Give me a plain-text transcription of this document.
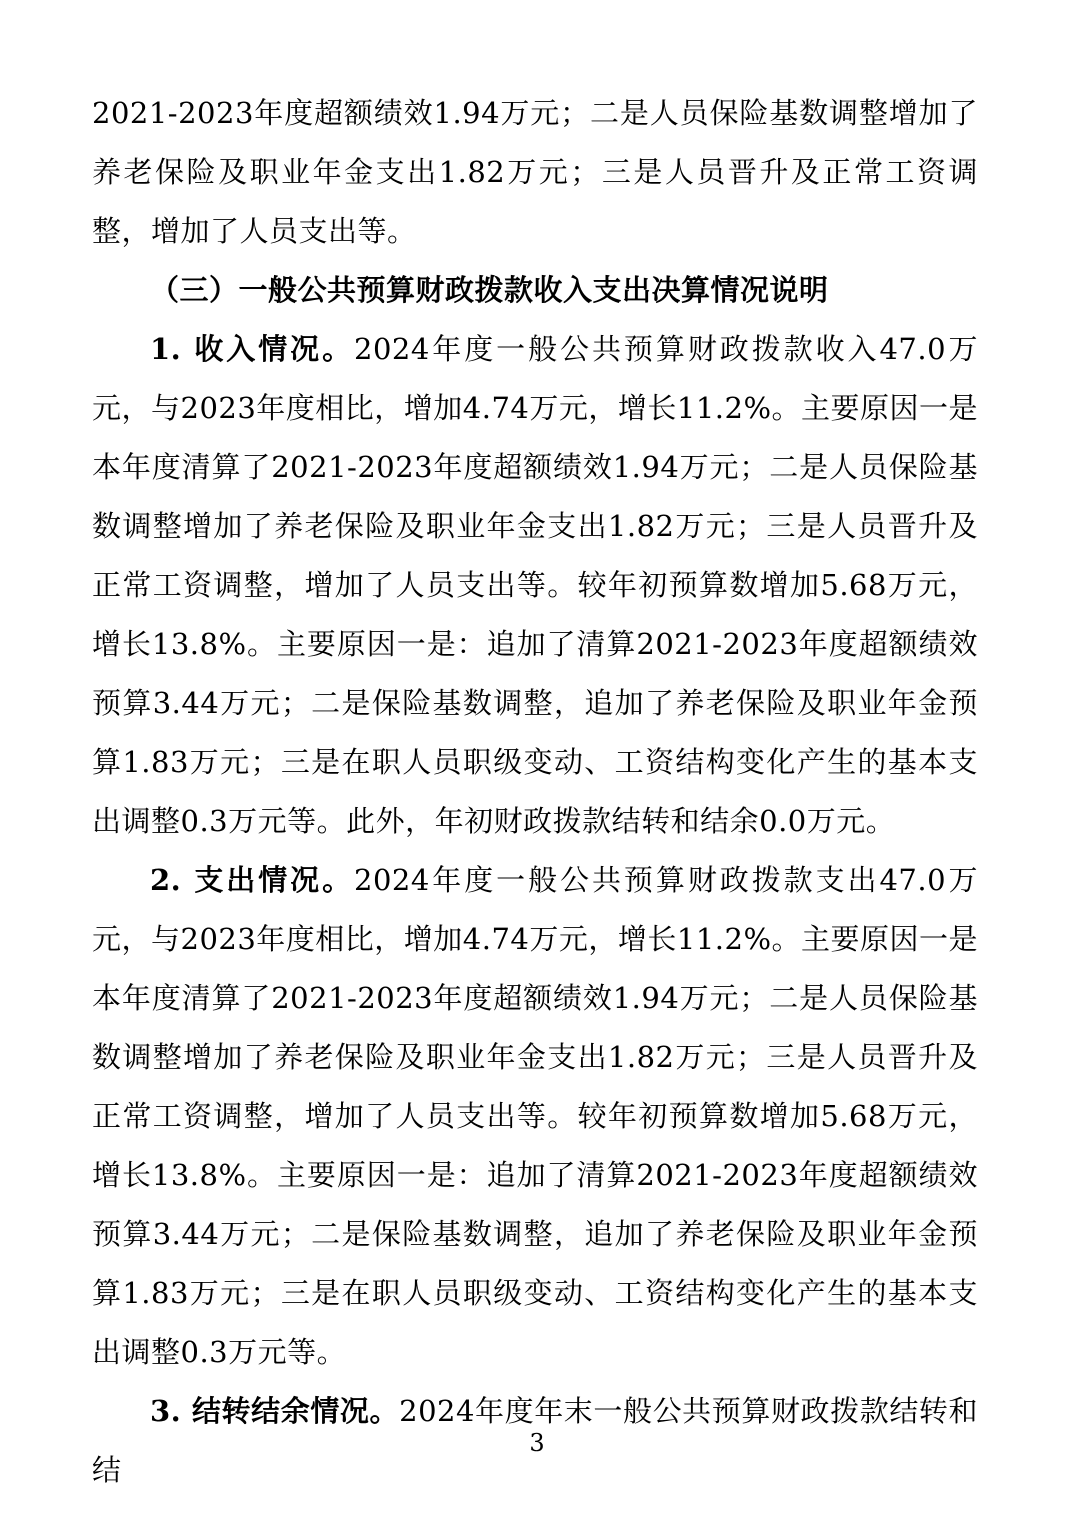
2021-2023年度超额绩效1.94万元；二是人员保险基数调整增加了养老保险及职业年金支出1.82万元；三是人员晋升及正常工资调整，增加了人员支出等。

（三）一般公共预算财政拨款收入支出决算情况说明

1. 收入情况。2024年度一般公共预算财政拨款收入47.0万元，与2023年度相比，增加4.74万元，增长11.2%。主要原因一是本年度清算了2021-2023年度超额绩效1.94万元；二是人员保险基数调整增加了养老保险及职业年金支出1.82万元；三是人员晋升及正常工资调整，增加了人员支出等。较年初预算数增加5.68万元，增长13.8%。主要原因一是：追加了清算2021-2023年度超额绩效预算3.44万元；二是保险基数调整，追加了养老保险及职业年金预算1.83万元；三是在职人员职级变动、工资结构变化产生的基本支出调整0.3万元等。此外，年初财政拨款结转和结余0.0万元。

2. 支出情况。2024年度一般公共预算财政拨款支出47.0万元，与2023年度相比，增加4.74万元，增长11.2%。主要原因一是本年度清算了2021-2023年度超额绩效1.94万元；二是人员保险基数调整增加了养老保险及职业年金支出1.82万元；三是人员晋升及正常工资调整，增加了人员支出等。较年初预算数增加5.68万元，增长13.8%。主要原因一是：追加了清算2021-2023年度超额绩效预算3.44万元；二是保险基数调整，追加了养老保险及职业年金预算1.83万元；三是在职人员职级变动、工资结构变化产生的基本支出调整0.3万元等。

3. 结转结余情况。2024年度年末一般公共预算财政拨款结转和结

3
